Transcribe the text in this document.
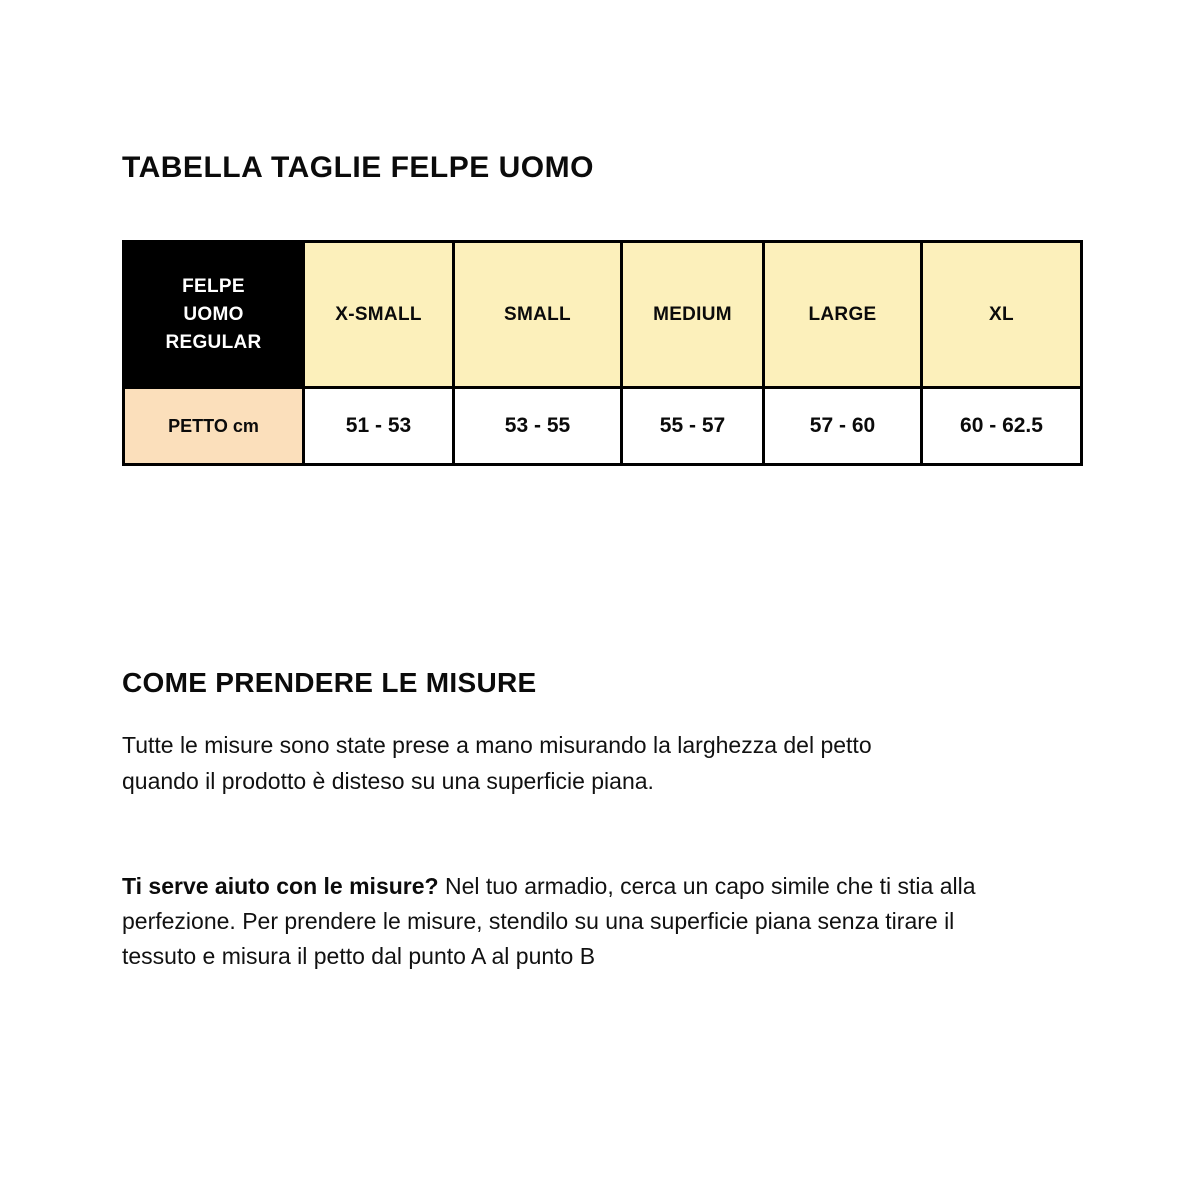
TABELLA TAGLIE FELPE UOMO
FELPE
UOMO
REGULAR	X-SMALL	SMALL	MEDIUM	LARGE	XL
PETTO cm	51 - 53	53 - 55	55 - 57	57 - 60	60 - 62.5
COME PRENDERE LE MISURE

Tutte le misure sono state prese a mano misurando la larghezza del petto
quando il prodotto è disteso su una superficie piana.

Ti serve aiuto con le misure? Nel tuo armadio, cerca un capo simile che ti stia alla
perfezione. Per prendere le misure, stendilo su una superficie piana senza tirare il
tessuto e misura il petto dal punto A al punto B
